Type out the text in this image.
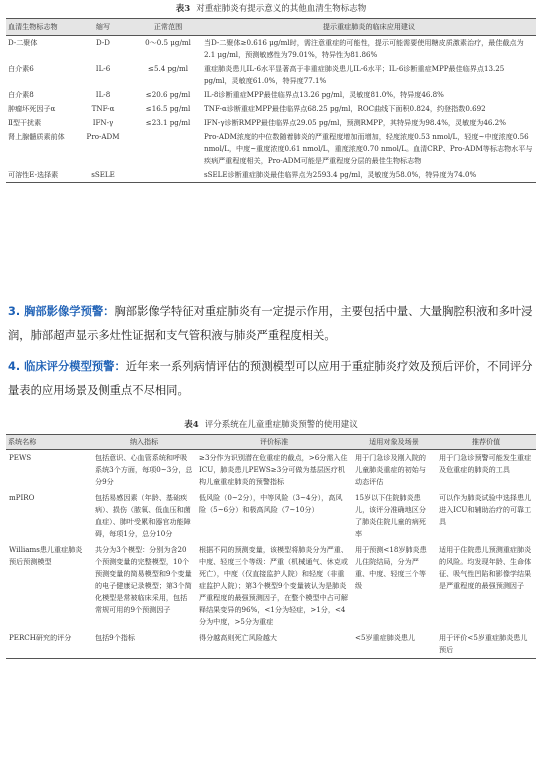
表3 对重症肺炎有提示意义的其他血清生物标志物
血清生物标志物	缩写	正常范围	提示重症肺炎的临床应用建议
D-二聚体	D-D	0～0.5 μg/ml	当D-二聚体≥0.616 μg/ml时，需注意重症的可能性，提示可能需要使用糖皮质激素治疗，最佳截点为2.1 μg/ml，预测敏感性为79.01%，特异性为81.86%
白介素6	IL-6	≤5.4 pg/ml	重症肺炎患儿IL-6水平显著高于非重症肺炎患儿IL-6水平；IL-6诊断重症MPP最佳临界点13.25 pg/ml，灵敏度61.0%，特异度77.1%
白介素8	IL-8	≤20.6 pg/ml	IL-8诊断重症MPP最佳临界点13.26 pg/ml，灵敏度81.0%，特异度46.8%
肿瘤坏死因子α	TNF-α	≤16.5 pg/ml	TNF-α诊断重症MPP最佳临界点68.25 pg/ml，ROC曲线下面积0.824，约登指数0.692
Ⅱ型干扰素	IFN-γ	≤23.1 pg/ml	IFN-γ诊断RMPP最佳临界点29.05 pg/ml，预测RMPP，其特异度为98.4%，灵敏度为46.2%
肾上腺髓质素前体	Pro-ADM		Pro-ADM浓度的中位数随着肺炎的严重程度增加而增加，轻度浓度0.53 nmol/L，轻度~中度浓度0.56 nmol/L，中度~重度浓度0.61 nmol/L，重度浓度0.70 nmol/L。血清CRP、Pro-ADM等标志物水平与疾病严重程度相关，Pro-ADM可能是严重程度分层的最佳生物标志物
可溶性E-选择素	sSELE		sSELE诊断重症肺炎最佳临界点为2593.4 pg/ml，灵敏度为58.0%，特异度为74.0%
3. 胸部影像学预警：胸部影像学特征对重症肺炎有一定提示作用，主要包括中量、大量胸腔积液和多叶浸润，肺部超声显示多灶性证据和支气管积液与肺炎严重程度相关。
4. 临床评分模型预警：近年来一系列病情评估的预测模型可以应用于重症肺炎疗效及预后评价，不同评分量表的应用场景及侧重点不尽相同。
表4 评分系统在儿童重症肺炎预警的使用建议
系统名称	纳入指标	评价标准	适用对象及场景	推荐价值
PEWS	包括意识、心血管系统和呼吸系统3个方面，每项0~3分，总分9分	≥3分作为识别潜在危重症的截点，>6分需入住ICU，肺炎患儿PEWS≥3分可做为基层医疗机构儿童重症肺炎的预警指标	用于门急诊及刚入院的儿童肺炎重症的初始与动态评估	用于门急诊预警可能发生重症及危重症的肺炎的工具
mPIRO	包括易感因素（年龄、基础疾病）、损伤（脓氧、低血压和菌血症）、肺叶受累和器官功能障碍，每项1分，总分10分	低风险（0~2分），中等风险（3~4分），高风险（5~6分）和极高风险（7~10分）	15岁以下住院肺炎患儿，该评分准确地区分了肺炎住院儿童的病死率	可以作为肺炎试验中选择患儿进入ICU和辅助治疗的可靠工具
Williams患儿重症肺炎预后预测模型	共分为3个模型：分别为含20个预测变量的完整模型，10个预测变量的简易模型和9个变量的电子健康记录模型；第3个简化模型是常被临床采用，包括常规可用的9个预测因子	根据不同的预测变量，该模型将肺炎分为严重、中度、轻度三个等级：严重（机械通气、休克或死亡），中度（仅直接监护人院）和轻度（非重症监护人院）；第3个模型9个变量被认为是肺炎严重程度的最强预测因子，在整个模型中占可解释结果变异的96%，<1分为轻症，>1分，<4分为中度，>5分为重症	用于预测<18岁肺炎患儿住院结局，分为严重、中度、轻度三个等级	适用于住院患儿预测重症肺炎的风险。均发现年龄、生命体征、吸气性凹陷和影像学结果是严重程度的最强预测因子
PERCH研究的评分	包括9个指标	得分越高则死亡风险越大	<5岁重症肺炎患儿	用于评价<5岁重症肺炎患儿预后
